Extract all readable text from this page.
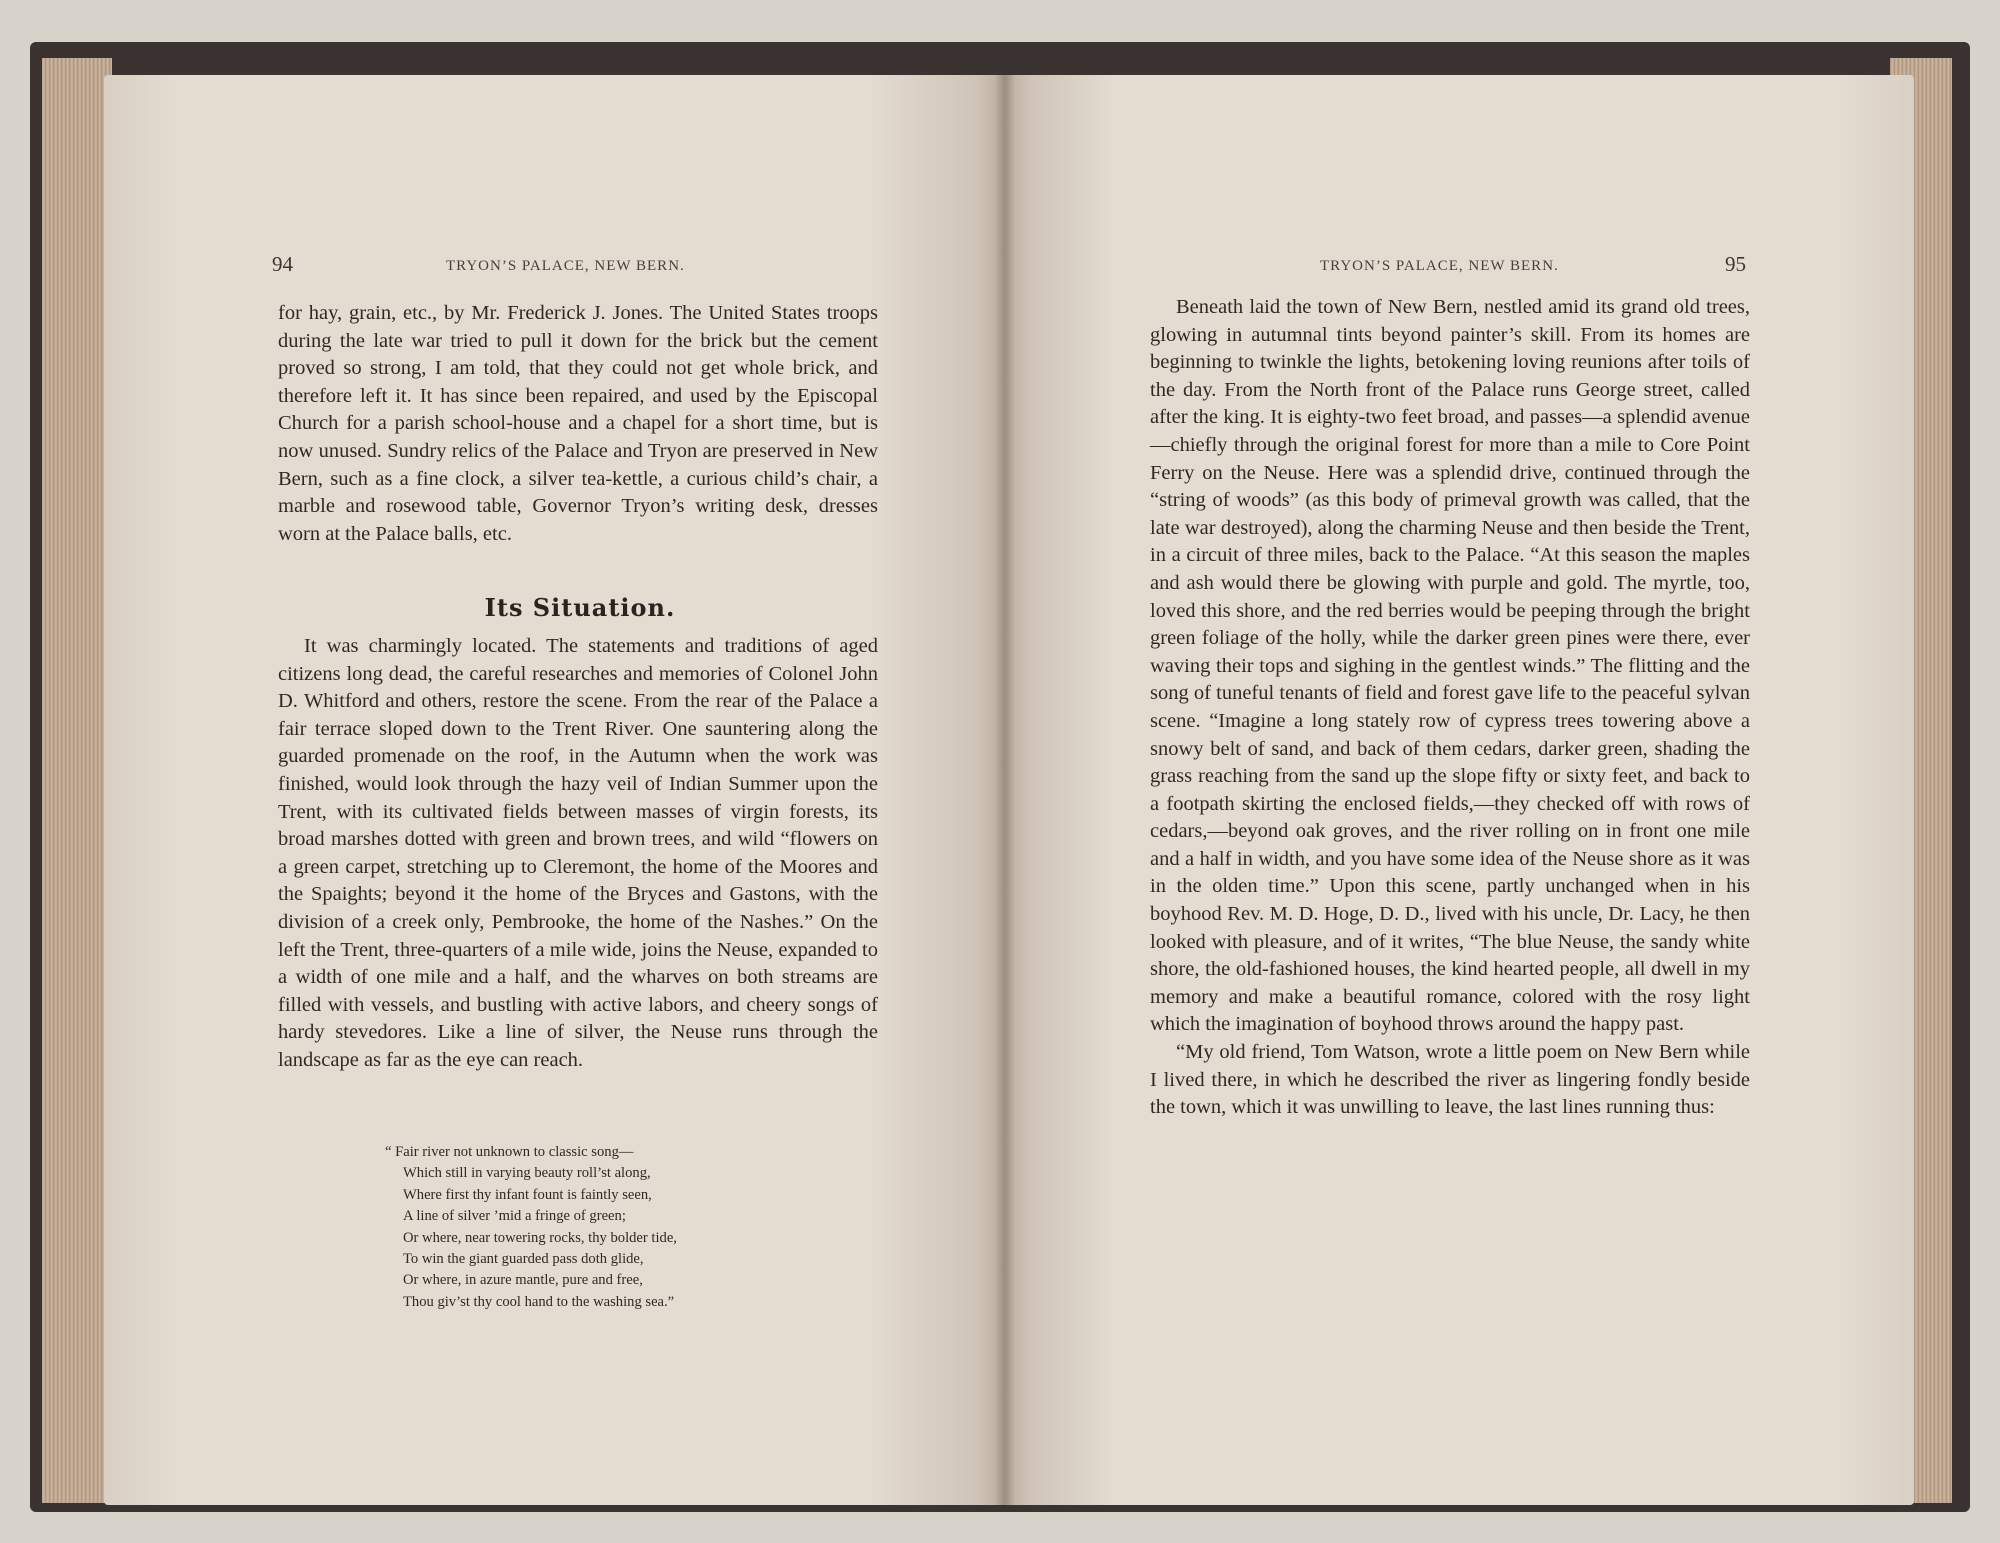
94	TRYON’S PALACE, NEW BERN.

for hay, grain, etc., by Mr. Frederick J. Jones. The United States troops during the late war tried to pull it down for the brick but the cement proved so strong, I am told, that they could not get whole brick, and therefore left it. It has since been repaired, and used by the Episcopal Church for a parish school-house and a chapel for a short time, but is now unused. Sundry relics of the Palace and Tryon are preserved in New Bern, such as a fine clock, a silver tea-kettle, a curious child’s chair, a marble and rosewood table, Governor Tryon’s writing desk, dresses worn at the Palace balls, etc.

Its Situation.

It was charmingly located. The statements and traditions of aged citizens long dead, the careful researches and memories of Colonel John D. Whitford and others, restore the scene. From the rear of the Palace a fair terrace sloped down to the Trent River. One sauntering along the guarded promenade on the roof, in the Autumn when the work was finished, would look through the hazy veil of Indian Summer upon the Trent, with its cultivated fields between masses of virgin forests, its broad marshes dotted with green and brown trees, and wild “flowers on a green carpet, stretching up to Cleremont, the home of the Moores and the Spaights; beyond it the home of the Bryces and Gastons, with the division of a creek only, Pembrooke, the home of the Nashes.” On the left the Trent, three-quarters of a mile wide, joins the Neuse, expanded to a width of one mile and a half, and the wharves on both streams are filled with vessels, and bustling with active labors, and cheery songs of hardy stevedores. Like a line of silver, the Neuse runs through the landscape as far as the eye can reach.

“ Fair river not unknown to classic song—
Which still in varying beauty roll’st along,
Where first thy infant fount is faintly seen,
A line of silver ’mid a fringe of green;
Or where, near towering rocks, thy bolder tide,
To win the giant guarded pass doth glide,
Or where, in azure mantle, pure and free,
Thou giv’st thy cool hand to the washing sea.”
TRYON’S PALACE, NEW BERN.	95

Beneath laid the town of New Bern, nestled amid its grand old trees, glowing in autumnal tints beyond painter’s skill. From its homes are beginning to twinkle the lights, betokening loving reunions after toils of the day. From the North front of the Palace runs George street, called after the king. It is eighty-two feet broad, and passes—a splendid avenue—chiefly through the original forest for more than a mile to Core Point Ferry on the Neuse. Here was a splendid drive, continued through the “string of woods” (as this body of primeval growth was called, that the late war destroyed), along the charming Neuse and then beside the Trent, in a circuit of three miles, back to the Palace. “At this season the maples and ash would there be glowing with purple and gold. The myrtle, too, loved this shore, and the red berries would be peeping through the bright green foliage of the holly, while the darker green pines were there, ever waving their tops and sighing in the gentlest winds.” The flitting and the song of tuneful tenants of field and forest gave life to the peaceful sylvan scene. “Imagine a long stately row of cypress trees towering above a snowy belt of sand, and back of them cedars, darker green, shading the grass reaching from the sand up the slope fifty or sixty feet, and back to a footpath skirting the enclosed fields,—they checked off with rows of cedars,—beyond oak groves, and the river rolling on in front one mile and a half in width, and you have some idea of the Neuse shore as it was in the olden time.” Upon this scene, partly unchanged when in his boyhood Rev. M. D. Hoge, D. D., lived with his uncle, Dr. Lacy, he then looked with pleasure, and of it writes, “The blue Neuse, the sandy white shore, the old-fashioned houses, the kind hearted people, all dwell in my memory and make a beautiful romance, colored with the rosy light which the imagination of boyhood throws around the happy past.

“My old friend, Tom Watson, wrote a little poem on New Bern while I lived there, in which he described the river as lingering fondly beside the town, which it was unwilling to leave, the last lines running thus:
